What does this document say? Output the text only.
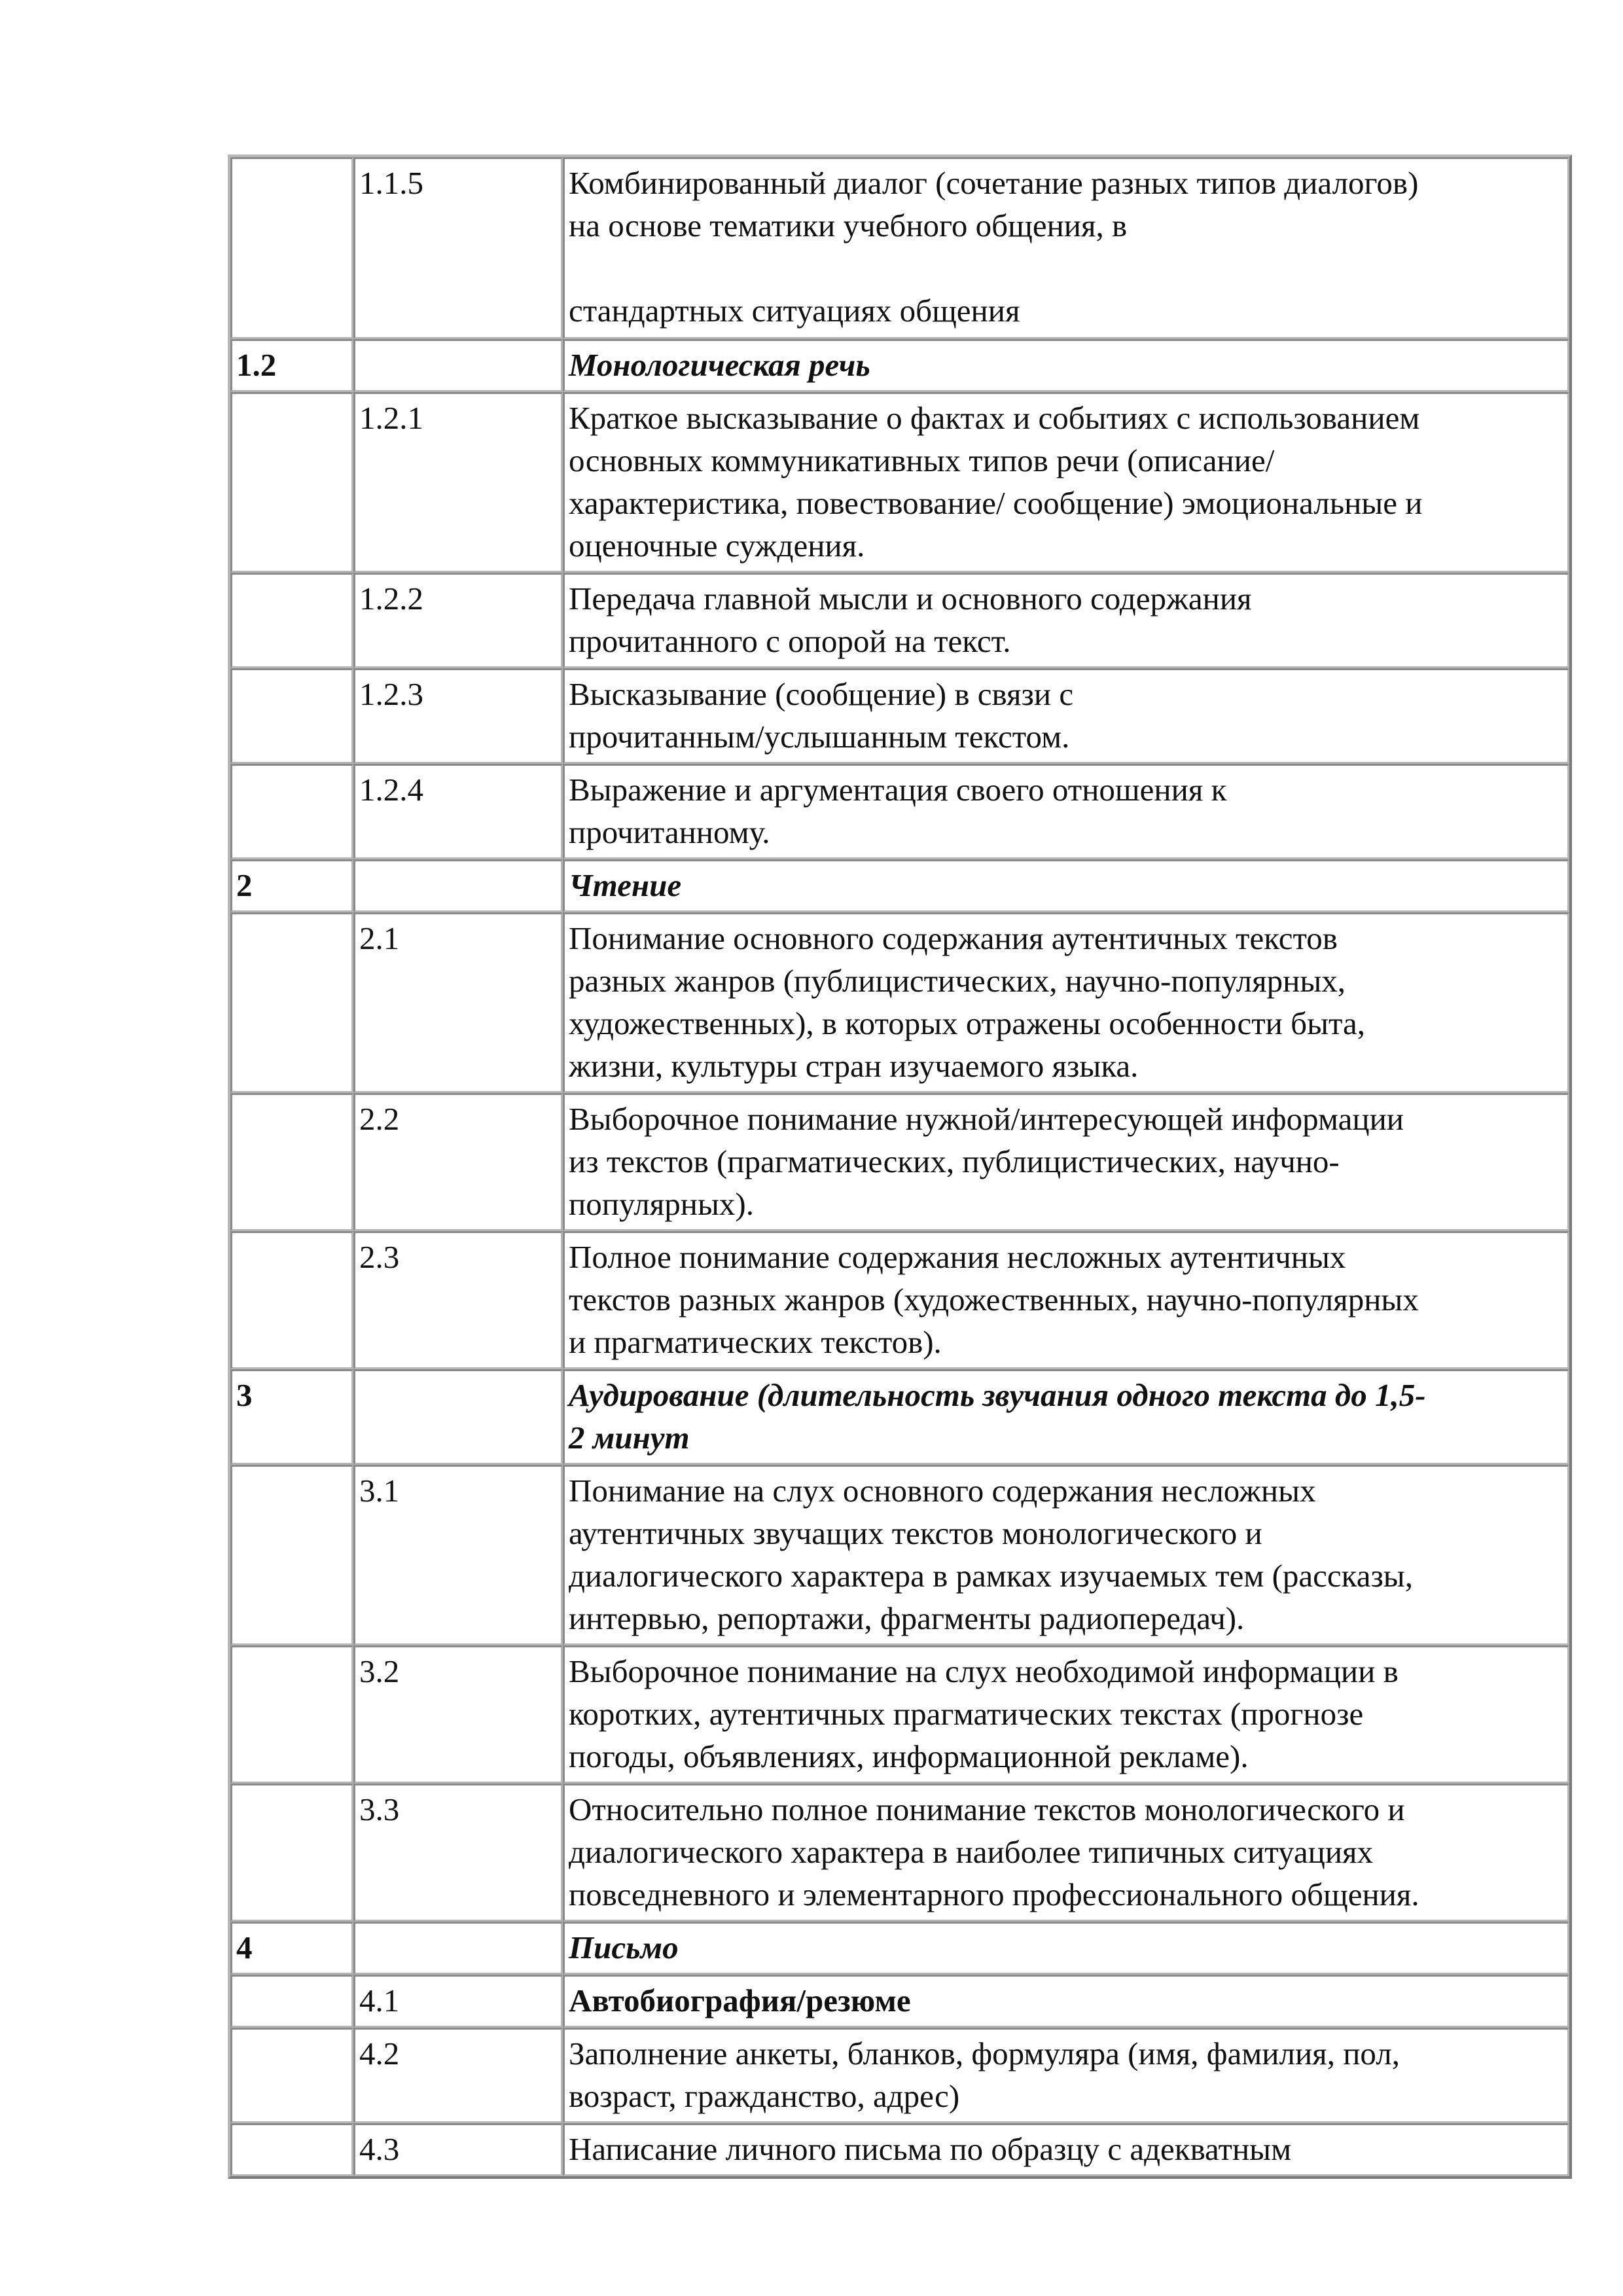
	1.1.5	Комбинированный диалог (сочетание разных типов диалогов)
на основе тематики учебного общения, в
стандартных ситуациях общения

1.2		Монологическая речь
	1.2.1	Краткое высказывание о фактах и событиях с использованием
основных коммуникативных типов речи (описание/
характеристика, повествование/ сообщение) эмоциональные и
оценочные суждения.

	1.2.2	Передача главной мысли и основного содержания
прочитанного с опорой на текст.

	1.2.3	Высказывание (сообщение) в связи с
прочитанным/услышанным текстом.

	1.2.4	Выражение и аргументация своего отношения к
прочитанному.

2		Чтение
	2.1	Понимание основного содержания аутентичных текстов
разных жанров (публицистических, научно-популярных,
художественных), в которых отражены особенности быта,
жизни, культуры стран изучаемого языка.

	2.2	Выборочное понимание нужной/интересующей информации
из текстов (прагматических, публицистических, научно-
популярных).

	2.3	Полное понимание содержания несложных аутентичных
текстов разных жанров (художественных, научно-популярных
и прагматических текстов).

3		Аудирование (длительность звучания одного текста до 1,5-
2 минут

	3.1	Понимание на слух основного содержания несложных
аутентичных звучащих текстов монологического и
диалогического характера в рамках изучаемых тем (рассказы,
интервью, репортажи, фрагменты радиопередач).

	3.2	Выборочное понимание на слух необходимой информации в
коротких, аутентичных прагматических текстах (прогнозе
погоды, объявлениях, информационной рекламе).

	3.3	Относительно полное понимание текстов монологического и
диалогического характера в наиболее типичных ситуациях
повседневного и элементарного профессионального общения.

4		Письмо
	4.1	Автобиография/резюме
	4.2	Заполнение анкеты, бланков, формуляра (имя, фамилия, пол,
возраст, гражданство, адрес)

	4.3	Написание личного письма по образцу с адекватным
